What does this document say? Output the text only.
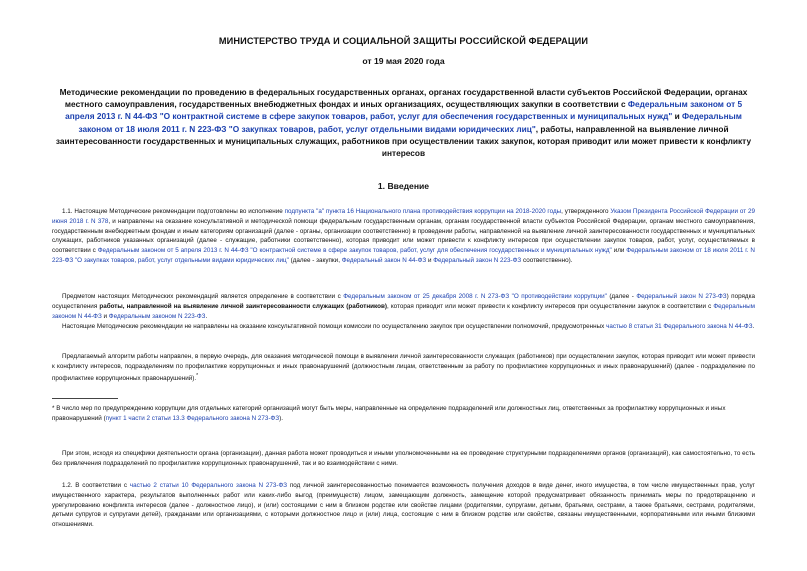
МИНИСТЕРСТВО ТРУДА И СОЦИАЛЬНОЙ ЗАЩИТЫ РОССИЙСКОЙ ФЕДЕРАЦИИ
от 19 мая 2020 года
Методические рекомендации по проведению в федеральных государственных органах, органах государственной власти субъектов Российской Федерации, органах местного самоуправления, государственных внебюджетных фондах и иных организациях, осуществляющих закупки в соответствии с Федеральным законом от 5 апреля 2013 г. N 44-ФЗ "О контрактной системе в сфере закупок товаров, работ, услуг для обеспечения государственных и муниципальных нужд" и Федеральным законом от 18 июля 2011 г. N 223-ФЗ "О закупках товаров, работ, услуг отдельными видами юридических лиц", работы, направленной на выявление личной заинтересованности государственных и муниципальных служащих, работников при осуществлении таких закупок, которая приводит или может привести к конфликту интересов
1. Введение
1.1. Настоящие Методические рекомендации подготовлены во исполнение подпункта "а" пункта 16 Национального плана противодействия коррупции на 2018-2020 годы, утвержденного Указом Президента Российской Федерации от 29 июня 2018 г. N 378, и направлены на оказание консультативной и методической помощи федеральным государственным органам, органам государственной власти субъектов Российской Федерации, органам местного самоуправления, государственным внебюджетным фондам и иным категориям организаций (далее - органы, организации соответственно) в проведении работы, направленной на выявление личной заинтересованности государственных и муниципальных служащих, работников указанных организаций (далее - служащие, работники соответственно), которая приводит или может привести к конфликту интересов при осуществлении закупок товаров, работ, услуг, осуществляемых в соответствии с Федеральным законом от 5 апреля 2013 г. N 44-ФЗ "О контрактной системе в сфере закупок товаров, работ, услуг для обеспечения государственных и муниципальных нужд" или Федеральным законом от 18 июля 2011 г. N 223-ФЗ "О закупках товаров, работ, услуг отдельными видами юридических лиц" (далее - закупки, Федеральный закон N 44-ФЗ и Федеральный закон N 223-ФЗ соответственно).
Предметом настоящих Методических рекомендаций является определение в соответствии с Федеральным законом от 25 декабря 2008 г. N 273-ФЗ "О противодействии коррупции" (далее - Федеральный закон N 273-ФЗ) порядка осуществления работы, направленной на выявление личной заинтересованности служащих (работников), которая приводит или может привести к конфликту интересов при осуществлении закупок в соответствии с Федеральным законом N 44-ФЗ и Федеральным законом N 223-ФЗ.
Настоящие Методические рекомендации не направлены на оказание консультативной помощи комиссии по осуществлению закупок при осуществлении полномочий, предусмотренных частью 8 статьи 31 Федерального закона N 44-ФЗ.
Предлагаемый алгоритм работы направлен, в первую очередь, для оказания методической помощи в выявлении личной заинтересованности служащих (работников) при осуществлении закупок, которая приводит или может привести к конфликту интересов, подразделениям по профилактике коррупционных и иных правонарушений (должностным лицам, ответственным за работу по профилактике коррупционных и иных правонарушений) (далее - подразделение по профилактике коррупционных правонарушений).*
* В число мер по предупреждению коррупции для отдельных категорий организаций могут быть меры, направленные на определение подразделений или должностных лиц, ответственных за профилактику коррупционных и иных правонарушений (пункт 1 части 2 статьи 13.3 Федерального закона N 273-ФЗ).
При этом, исходя из специфики деятельности органа (организации), данная работа может проводиться и иными уполномоченными на ее проведение структурными подразделениями органов (организаций), как самостоятельно, то есть без привлечения подразделений по профилактике коррупционных правонарушений, так и во взаимодействии с ними.
1.2. В соответствии с частью 2 статьи 10 Федерального закона N 273-ФЗ под личной заинтересованностью понимается возможность получения доходов в виде денег, иного имущества, в том числе имущественных прав, услуг имущественного характера, результатов выполненных работ или каких-либо выгод (преимуществ) лицом, замещающим должность, замещение которой предусматривает обязанность принимать меры по предотвращению и урегулированию конфликта интересов (далее - должностное лицо), и (или) состоящими с ним в близком родстве или свойстве лицами (родителями, супругами, детьми, братьями, сестрами, а также братьями, сестрами, родителями, детьми супругов и супругами детей), гражданами или организациями, с которыми должностное лицо и (или) лица, состоящие с ним в близком родстве или свойстве, связаны имущественными, корпоративными или иными близкими отношениями.
